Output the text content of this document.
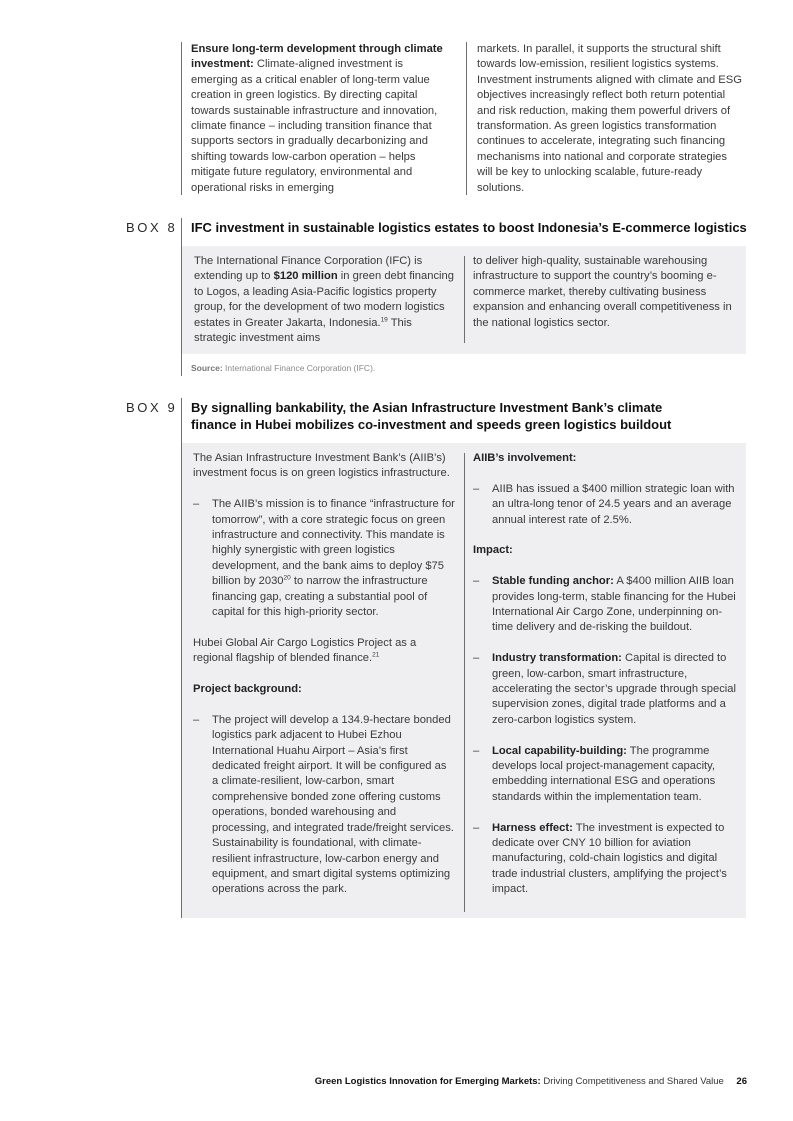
Ensure long-term development through climate investment: Climate-aligned investment is emerging as a critical enabler of long-term value creation in green logistics. By directing capital towards sustainable infrastructure and innovation, climate finance – including transition finance that supports sectors in gradually decarbonizing and shifting towards low-carbon operation – helps mitigate future regulatory, environmental and operational risks in emerging

markets. In parallel, it supports the structural shift towards low-emission, resilient logistics systems. Investment instruments aligned with climate and ESG objectives increasingly reflect both return potential and risk reduction, making them powerful drivers of transformation. As green logistics transformation continues to accelerate, integrating such financing mechanisms into national and corporate strategies will be key to unlocking scalable, future-ready solutions.

BOX 8 IFC investment in sustainable logistics estates to boost Indonesia’s E-commerce logistics

The International Finance Corporation (IFC) is extending up to $120 million in green debt financing to Logos, a leading Asia-Pacific logistics property group, for the development of two modern logistics estates in Greater Jakarta, Indonesia.$^{19}$ This strategic investment aims

to deliver high-quality, sustainable warehousing infrastructure to support the country’s booming e-commerce market, thereby cultivating business expansion and enhancing overall competitiveness in the national logistics sector.

Source: International Finance Corporation (IFC).
BOX 9 By signalling bankability, the Asian Infrastructure Investment Bank’s climate
finance in Hubei mobilizes co-investment and speeds green logistics buildout

The Asian Infrastructure Investment Bank’s (AIIB’s) investment focus is on green logistics infrastructure.

– The AIIB’s mission is to finance “infrastructure for tomorrow”, with a core strategic focus on green infrastructure and connectivity. This mandate is highly synergistic with green logistics development, and the bank aims to deploy $75 billion by 2030$^{20}$ to narrow the infrastructure financing gap, creating a substantial pool of capital for this high-priority sector.

Hubei Global Air Cargo Logistics Project as a regional flagship of blended finance.$^{21}$

Project background:

– The project will develop a 134.9-hectare bonded logistics park adjacent to Hubei Ezhou International Huahu Airport – Asia’s first dedicated freight airport. It will be configured as a climate-resilient, low-carbon, smart comprehensive bonded zone offering customs operations, bonded warehousing and processing, and integrated trade/freight services. Sustainability is foundational, with climate-resilient infrastructure, low-carbon energy and equipment, and smart digital systems optimizing operations across the park.

AIIB’s involvement:

– AIIB has issued a $400 million strategic loan with an ultra-long tenor of 24.5 years and an average annual interest rate of 2.5%.

Impact:

– Stable funding anchor: A $400 million AIIB loan provides long-term, stable financing for the Hubei International Air Cargo Zone, underpinning on-time delivery and de-risking the buildout.

– Industry transformation: Capital is directed to green, low-carbon, smart infrastructure, accelerating the sector’s upgrade through special supervision zones, digital trade platforms and a zero-carbon logistics system.

– Local capability-building: The programme develops local project-management capacity, embedding international ESG and operations standards within the implementation team.

– Harness effect: The investment is expected to dedicate over CNY 10 billion for aviation manufacturing, cold-chain logistics and digital trade industrial clusters, amplifying the project’s impact.

Green Logistics Innovation for Emerging Markets: Driving Competitiveness and Shared Value 26
